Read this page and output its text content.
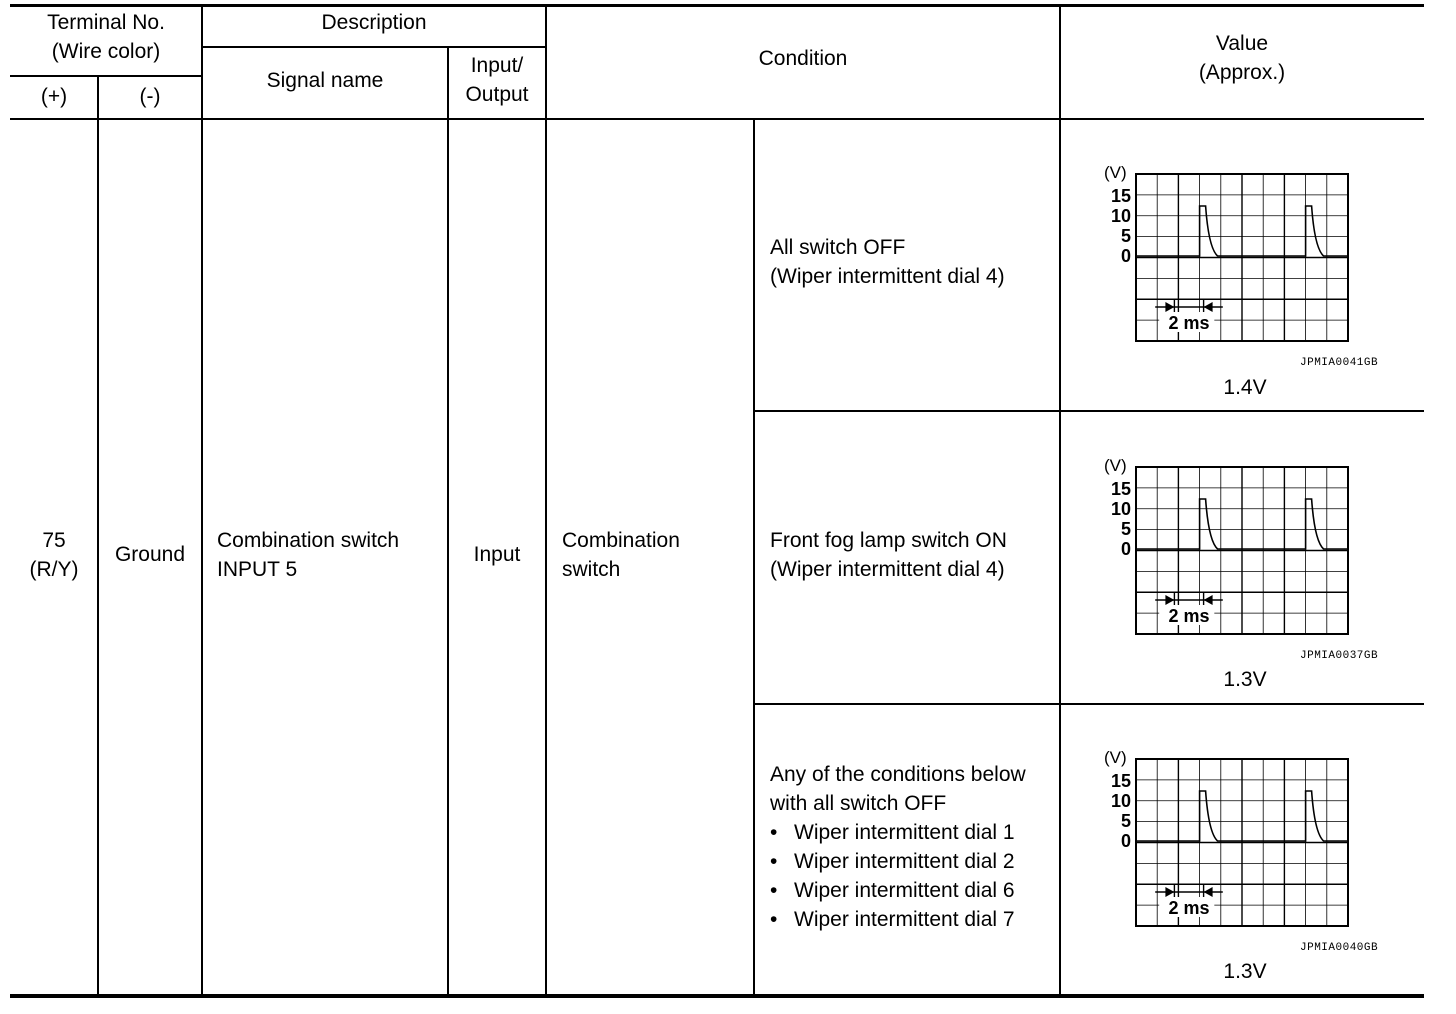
Terminal No.
(Wire color)
(+)	(-)
Description
Signal name
Input/
Output
Condition
Value
(Approx.)
75
(R/Y)
Ground
Combination switch
INPUT 5
Input
Combination
switch
All switch OFF
(Wiper intermittent dial 4)
Front fog lamp switch ON
(Wiper intermittent dial 4)
Any of the conditions below
with all switch OFF
• Wiper intermittent dial 1
• Wiper intermittent dial 2
• Wiper intermittent dial 6
• Wiper intermittent dial 7
(V)
15
10
5
0
2 ms
JPMIA0041GB
1.4V
(V)
15
10
5
0
2 ms
JPMIA0037GB
1.3V
(V)
15
10
5
0
2 ms
JPMIA0040GB
1.3V
